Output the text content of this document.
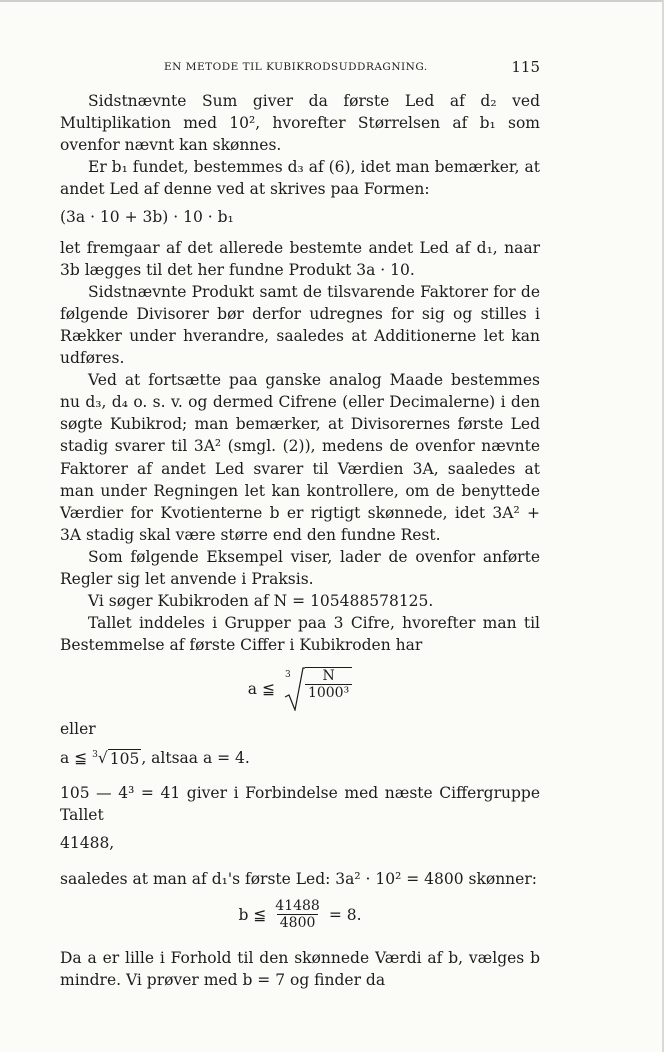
EN METODE TIL KUBIKRODSUDDRAGNING.	115

Sidstnævnte Sum giver da første Led af d₂ ved Multiplikation med 10², hvorefter Størrelsen af b₁ som ovenfor nævnt kan skønnes.

Er b₁ fundet, bestemmes d₃ af (6), idet man bemærker, at andet Led af denne ved at skrives paa Formen:

(3a · 10 + 3b) · 10 · b₁

let fremgaar af det allerede bestemte andet Led af d₁, naar 3b lægges til det her fundne Produkt 3a · 10.

Sidstnævnte Produkt samt de tilsvarende Faktorer for de følgende Divisorer bør derfor udregnes for sig og stilles i Rækker under hverandre, saaledes at Additionerne let kan udføres.

Ved at fortsætte paa ganske analog Maade bestemmes nu d₃, d₄ o. s. v. og dermed Cifrene (eller Decimalerne) i den søgte Kubikrod; man bemærker, at Divisorernes første Led stadig svarer til 3A² (smgl. (2)), medens de ovenfor nævnte Faktorer af andet Led svarer til Værdien 3A, saaledes at man under Regningen let kan kontrollere, om de benyttede Værdier for Kvotienterne b er rigtigt skønnede, idet 3A² + 3A stadig skal være større end den fundne Rest.

Som følgende Eksempel viser, lader de ovenfor anførte Regler sig let anvende i Praksis.

Vi søger Kubikroden af N = 1054885781​25.

Tallet inddeles i Grupper paa 3 Cifre, hvorefter man til Bestemmelse af første Ciffer i Kubikroden har

a ≦
$3 \frac{N}{\text{1000³}}$

eller

a ≦ $^3$√ 105 , altsaa a = 4.

105 — 4³ = 41 giver i Forbindelse med næste Ciffergruppe Tallet

41488,

saaledes at man af d₁'s første Led: 3a² · 10² = 4800 skønner:

b ≦ $\frac{41488}{4800} = 8$.

Da a er lille i Forhold til den skønnede Værdi af b, vælges b mindre. Vi prøver med b = 7 og finder da
